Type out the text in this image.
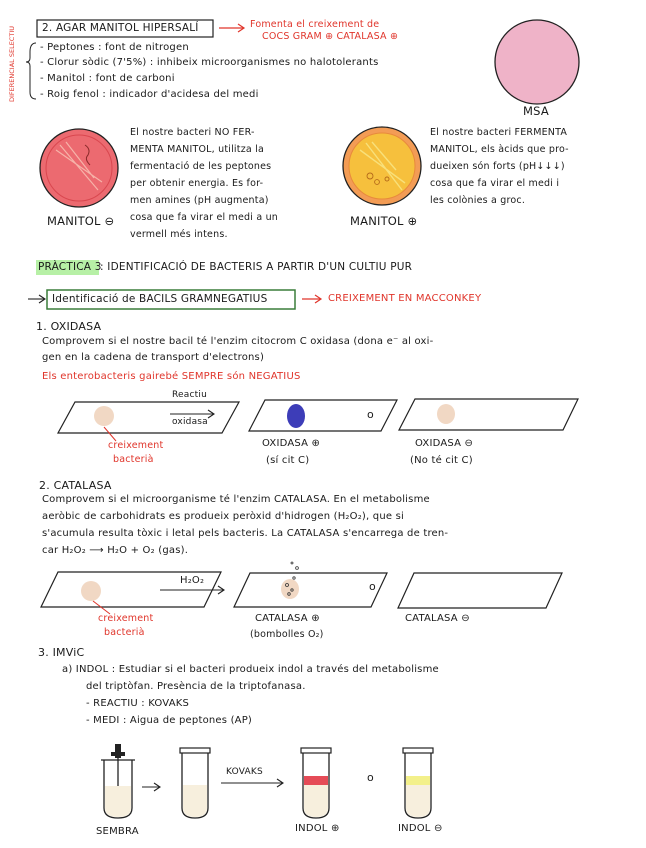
2. AGAR MANITOL HIPERSALÍ	Fomenta el creixement de
COCS GRAM ⊕ CATALASA ⊕
DIFERENCIAL SELECTIU - Peptones : font de nitrogen
- Clorur sòdic (7'5%) : inhibeix microorganismes no halotolerants
- Manitol : font de carboni
- Roig fenol : indicador d'acidesa del medi
MSA
El nostre bacteri NO FER-
MENTA MANITOL, utilitza la
fermentació de les peptones
per obtenir energia. Es for-
men amines (pH augmenta)
cosa que fa virar el medi a un
vermell més intens.
MANITOL ⊖
El nostre bacteri FERMENTA
MANITOL, els àcids que pro-
dueixen són forts (pH↓↓↓)
cosa que fa virar el medi i
les colònies a groc.
MANITOL ⊕
PRÀCTICA 3
: IDENTIFICACIÓ DE BACTERIS A PARTIR D'UN CULTIU PUR
Identificació de BACILS GRAMNEGATIUS	CREIXEMENT EN MACCONKEY
1. OXIDASA
Comprovem si el nostre bacil té l'enzim citocrom C oxidasa (dona e⁻ al oxi-
gen en la cadena de transport d'electrons)
Els enterobacteris gairebé SEMPRE són NEGATIUS
Reactiu
oxidasa
creixement
bacterià
OXIDASA ⊕
(sí cit C)
o
OXIDASA ⊖
(No té cit C)
2. CATALASA
Comprovem si el microorganisme té l'enzim CATALASA. En el metabolisme
aeròbic de carbohidrats es produeix peròxid d'hidrogen (H₂O₂), que si
s'acumula resulta tòxic i letal pels bacteris. La CATALASA s'encarrega de tren-
car H₂O₂ ⟶ H₂O + O₂ (gas).
H₂O₂
creixement
bacterià
CATALASA ⊕
(bombolles O₂)
o
CATALASA ⊖
3. IMViC
a) INDOL : Estudiar si el bacteri produeix indol a través del metabolisme
del triptòfan. Presència de la triptofanasa.
- REACTIU : KOVAKS
- MEDI : Aigua de peptones (AP)
KOVAKS	o
SEMBRA	INDOL ⊕	INDOL ⊖
